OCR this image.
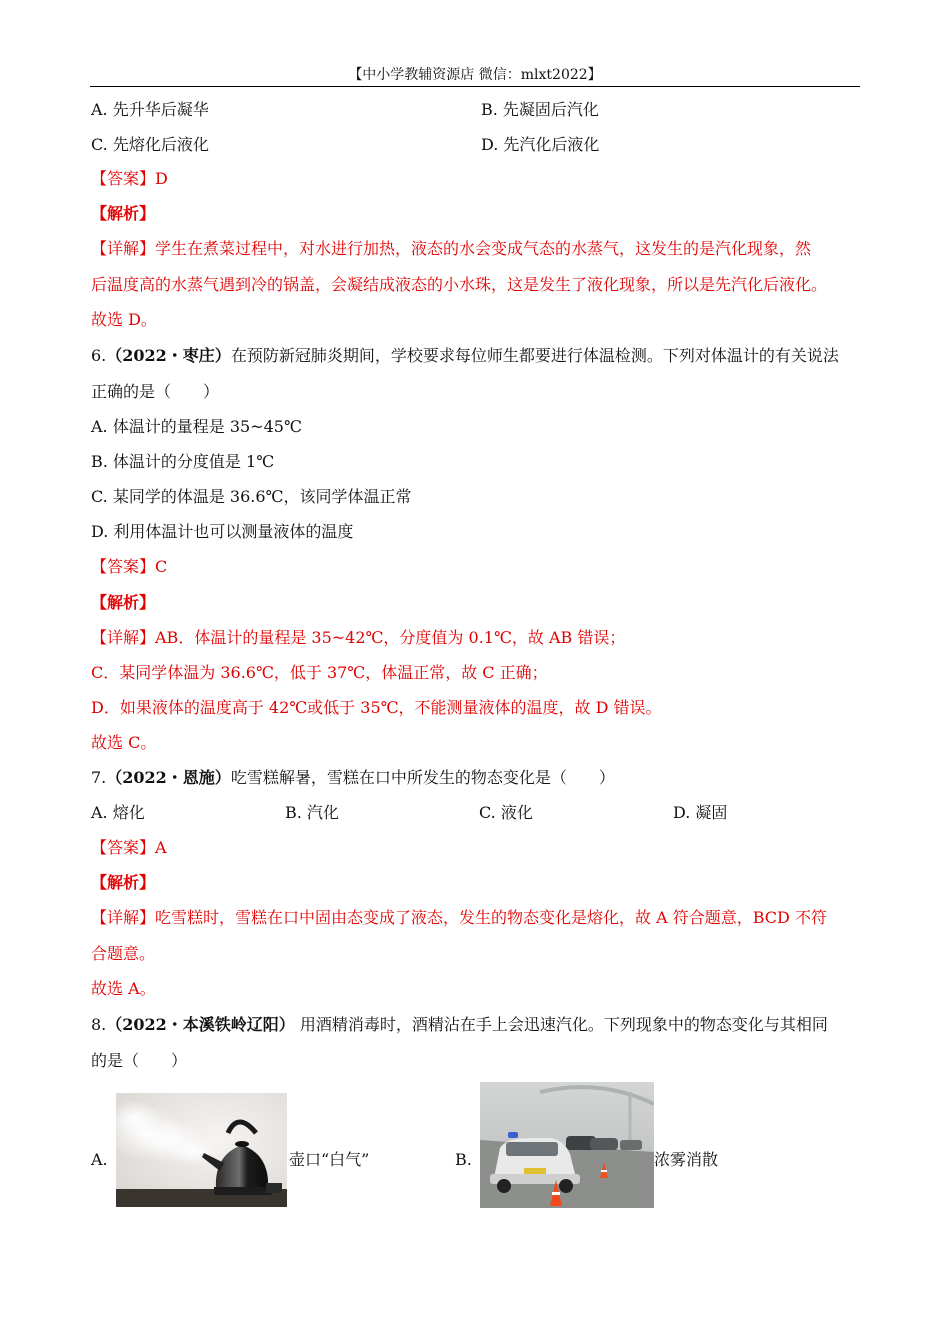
【中小学教辅资源店 微信：mlxt2022】
A. 先升华后凝华	B. 先凝固后汽化
C. 先熔化后液化	D. 先汽化后液化
【答案】D
【解析】
【详解】学生在煮菜过程中，对水进行加热，液态的水会变成气态的水蒸气，这发生的是汽化现象，然
后温度高的水蒸气遇到冷的锅盖，会凝结成液态的小水珠，这是发生了液化现象，所以是先汽化后液化。
故选 D。
6.（2022・枣庄）在预防新冠肺炎期间，学校要求每位师生都要进行体温检测。下列对体温计的有关说法
正确的是（　　）
A. 体温计的量程是 35~45℃
B. 体温计的分度值是 1℃
C. 某同学的体温是 36.6℃，该同学体温正常
D. 利用体温计也可以测量液体的温度
【答案】C
【解析】
【详解】AB．体温计的量程是 35~42℃，分度值为 0.1℃，故 AB 错误；
C．某同学体温为 36.6℃，低于 37℃，体温正常，故 C 正确；
D．如果液体的温度高于 42℃或低于 35℃，不能测量液体的温度，故 D 错误。
故选 C。
7.（2022・恩施）吃雪糕解暑，雪糕在口中所发生的物态变化是（　　）
A. 熔化	B. 汽化	C. 液化	D. 凝固
【答案】A
【解析】
【详解】吃雪糕时，雪糕在口中固由态变成了液态，发生的物态变化是熔化，故 A 符合题意，BCD 不符
合题意。
故选 A。
8.（2022・本溪铁岭辽阳） 用酒精消毒时，酒精沾在手上会迅速汽化。下列现象中的物态变化与其相同
的是（　　）
A.	壶口“白气”	B.	浓雾消散
